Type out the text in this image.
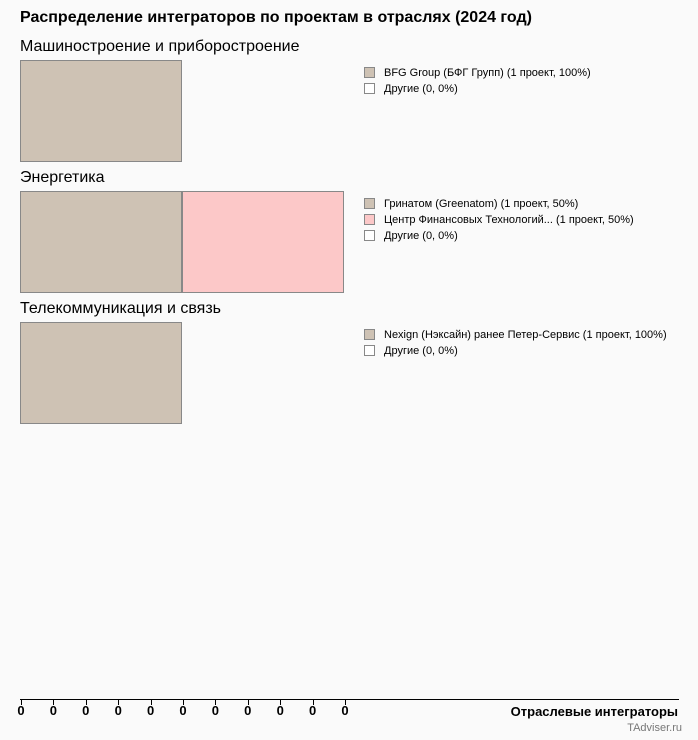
Распределение интеграторов по проектам в отраслях (2024 год)
Машиностроение и приборостроение
BFG Group (БФГ Групп) (1 проект, 100%)
Другие (0, 0%)
Энергетика
Гринатом (Greenatom) (1 проект, 50%)
Центр Финансовых Технологий... (1 проект, 50%)
Другие (0, 0%)
Телекоммуникация и связь
Nexign (Нэксайн) ранее Петер-Сервис (1 проект, 100%)
Другие (0, 0%)
0	0	0	0	0	0	0	0	0	0	0	Отраслевые интеграторы
TAdviser.ru
